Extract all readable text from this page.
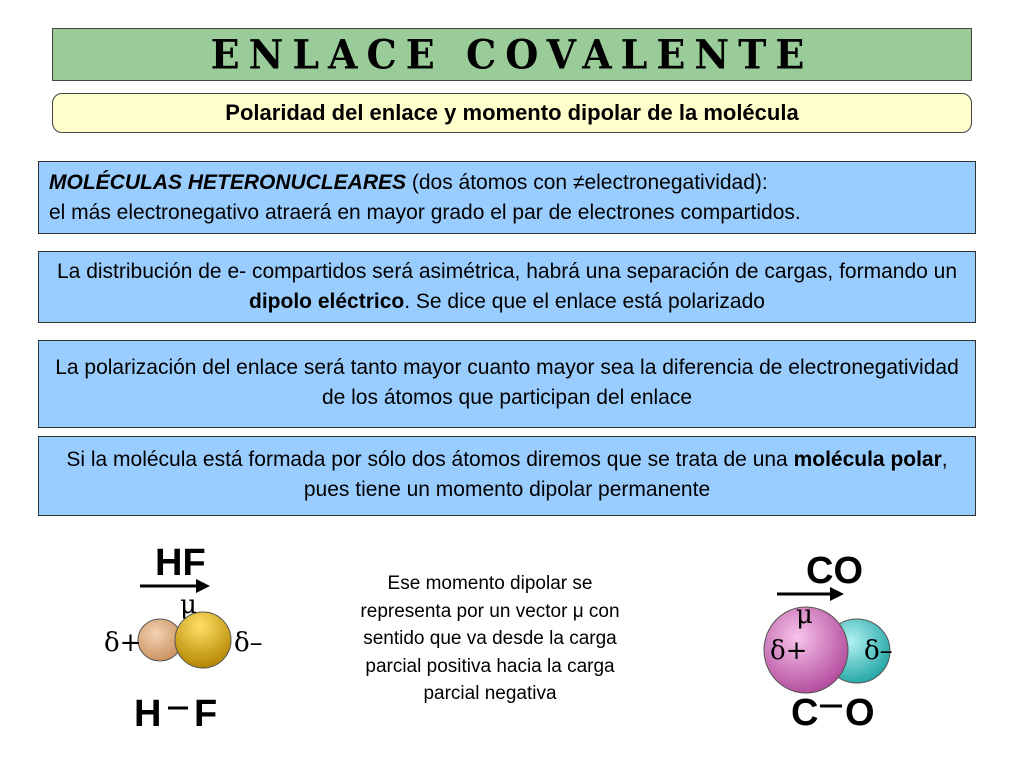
ENLACE COVALENTE
Polaridad del enlace y momento dipolar de la molécula
MOLÉCULAS HETERONUCLEARES (dos átomos con ≠electronegatividad):
el más electronegativo atraerá en mayor grado el par de electrones compartidos.
La distribución de e- compartidos será asimétrica, habrá una separación de cargas, formando un dipolo eléctrico. Se dice que el enlace está polarizado
La polarización del enlace será tanto mayor cuanto mayor sea la diferencia de electronegatividad de los átomos que participan del enlace
Si la molécula está formada por sólo dos átomos diremos que se trata de una molécula polar, pues tiene un momento dipolar permanente
HF
μ
δ+	δ–
H F
Ese momento dipolar se representa por un vector μ con sentido que va desde la carga parcial positiva hacia la carga parcial negativa
CO
μ
δ+ δ–
C O
